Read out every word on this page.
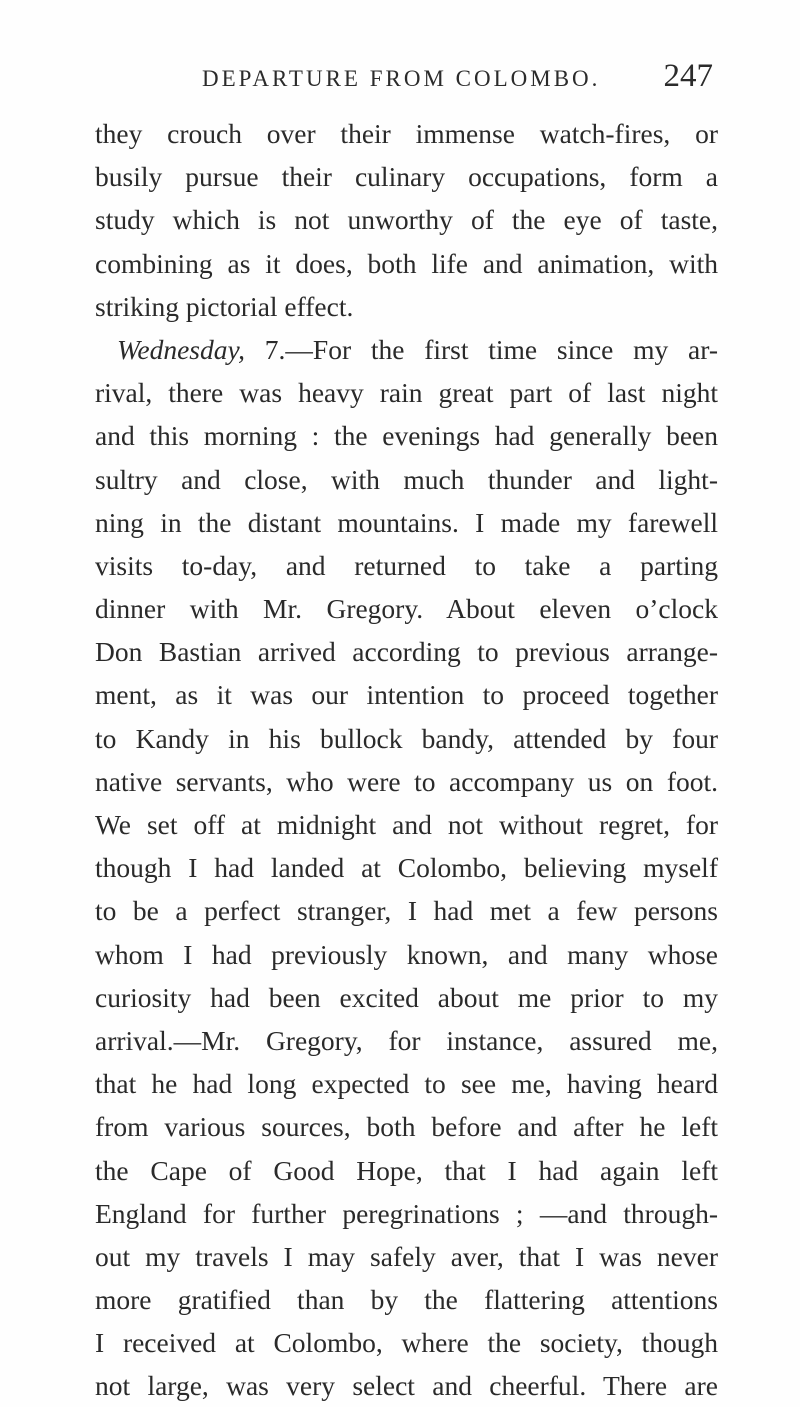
DEPARTURE FROM COLOMBO. 247
they crouch over their immense watch-fires, or
busily pursue their culinary occupations, form a
study which is not unworthy of the eye of taste,
combining as it does, both life and animation, with
striking pictorial effect.
Wednesday, 7.—For the first time since my ar-
rival, there was heavy rain great part of last night
and this morning : the evenings had generally been
sultry and close, with much thunder and light-
ning in the distant mountains. I made my farewell
visits to-day, and returned to take a parting
dinner with Mr. Gregory. About eleven o’clock
Don Bastian arrived according to previous arrange-
ment, as it was our intention to proceed together
to Kandy in his bullock bandy, attended by four
native servants, who were to accompany us on foot.
We set off at midnight and not without regret, for
though I had landed at Colombo, believing myself
to be a perfect stranger, I had met a few persons
whom I had previously known, and many whose
curiosity had been excited about me prior to my
arrival.—Mr. Gregory, for instance, assured me,
that he had long expected to see me, having heard
from various sources, both before and after he left
the Cape of Good Hope, that I had again left
England for further peregrinations ; —and through-
out my travels I may safely aver, that I was never
more gratified than by the flattering attentions
I received at Colombo, where the society, though
not large, was very select and cheerful. There are
